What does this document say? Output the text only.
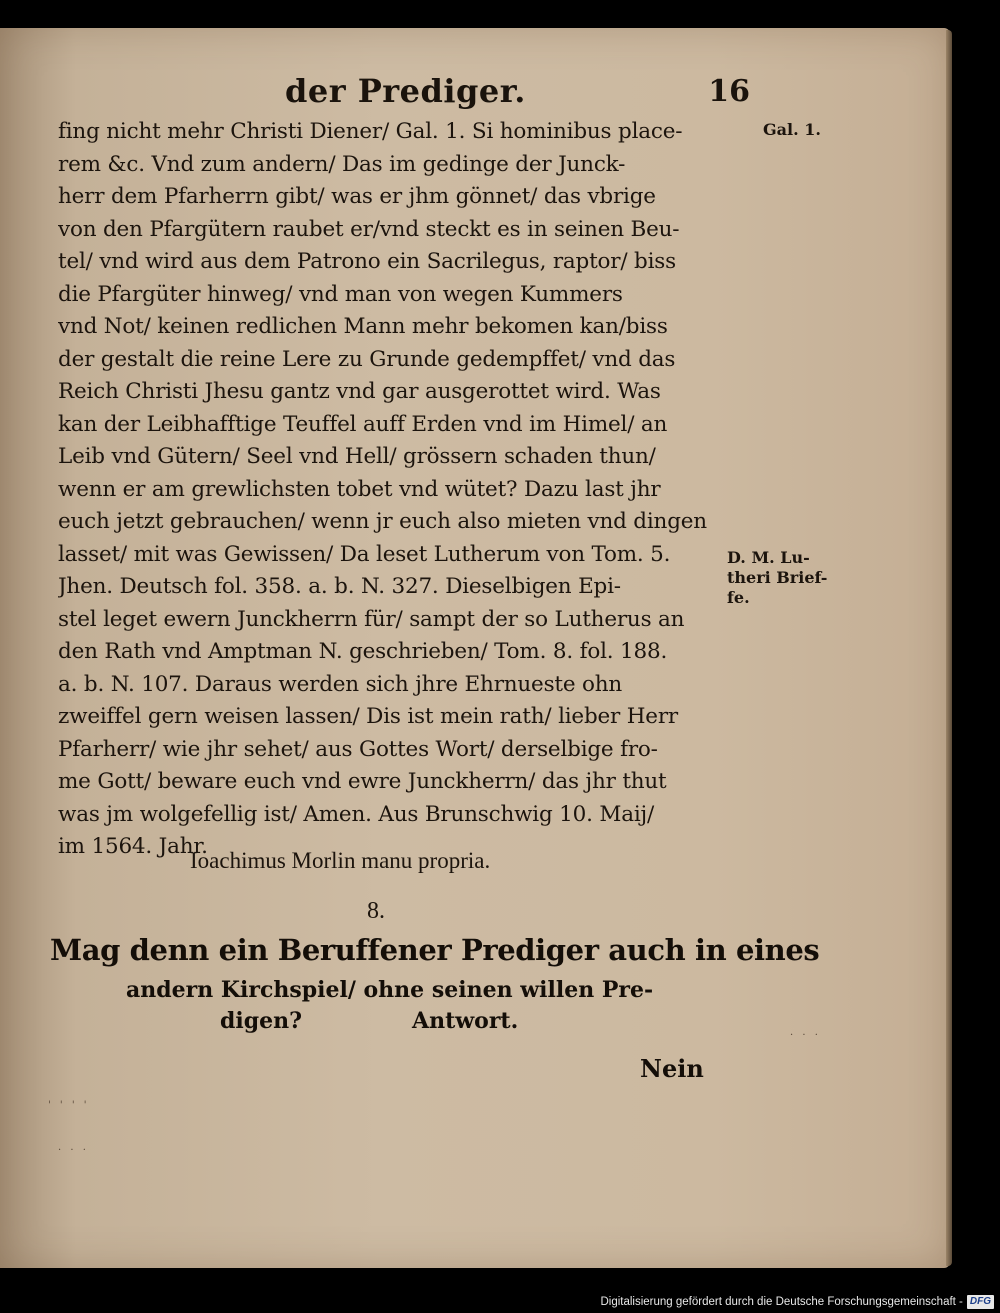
der Prediger.	16
Gal. 1.
D. M. Lu-
theri Brief-
fe.
fing nicht mehr Christi Diener/ Gal. 1. Si hominibus place-
rem &c. Vnd zum andern/ Das im gedinge der Junck-
herr dem Pfarherrn gibt/ was er jhm gönnet/ das vbrige
von den Pfargütern raubet er/vnd steckt es in seinen Beu-
tel/ vnd wird aus dem Patrono ein Sacrilegus, raptor/ biss
die Pfargüter hinweg/ vnd man von wegen Kummers
vnd Not/ keinen redlichen Mann mehr bekomen kan/biss
der gestalt die reine Lere zu Grunde gedempffet/ vnd das
Reich Christi Jhesu gantz vnd gar ausgerottet wird. Was
kan der Leibhafftige Teuffel auff Erden vnd im Himel/ an
Leib vnd Gütern/ Seel vnd Hell/ grössern schaden thun/
wenn er am grewlichsten tobet vnd wütet? Dazu last jhr
euch jetzt gebrauchen/ wenn jr euch also mieten vnd dingen
lasset/ mit was Gewissen/ Da leset Lutherum von Tom. 5.
Jhen. Deutsch fol. 358. a. b. N. 327. Dieselbigen Epi-
stel leget ewern Junckherrn für/ sampt der so Lutherus an
den Rath vnd Amptman N. geschrieben/ Tom. 8. fol. 188.
a. b. N. 107. Daraus werden sich jhre Ehrnueste ohn
zweiffel gern weisen lassen/ Dis ist mein rath/ lieber Herr
Pfarherr/ wie jhr sehet/ aus Gottes Wort/ derselbige fro-
me Gott/ beware euch vnd ewre Junckherrn/ das jhr thut
was jm wolgefellig ist/ Amen. Aus Brunschwig 10. Maij/
im 1564. Jahr.
Ioachimus Morlin manu propria.
8.
Mag denn ein Beruffener Prediger auch in eines
andern Kirchspiel/ ohne seinen willen Pre-
digen?	Antwort.
Nein
' ' ' '
· · ·
· · ·
Digitalisierung gefördert durch die Deutsche Forschungsgemeinschaft - DFG
